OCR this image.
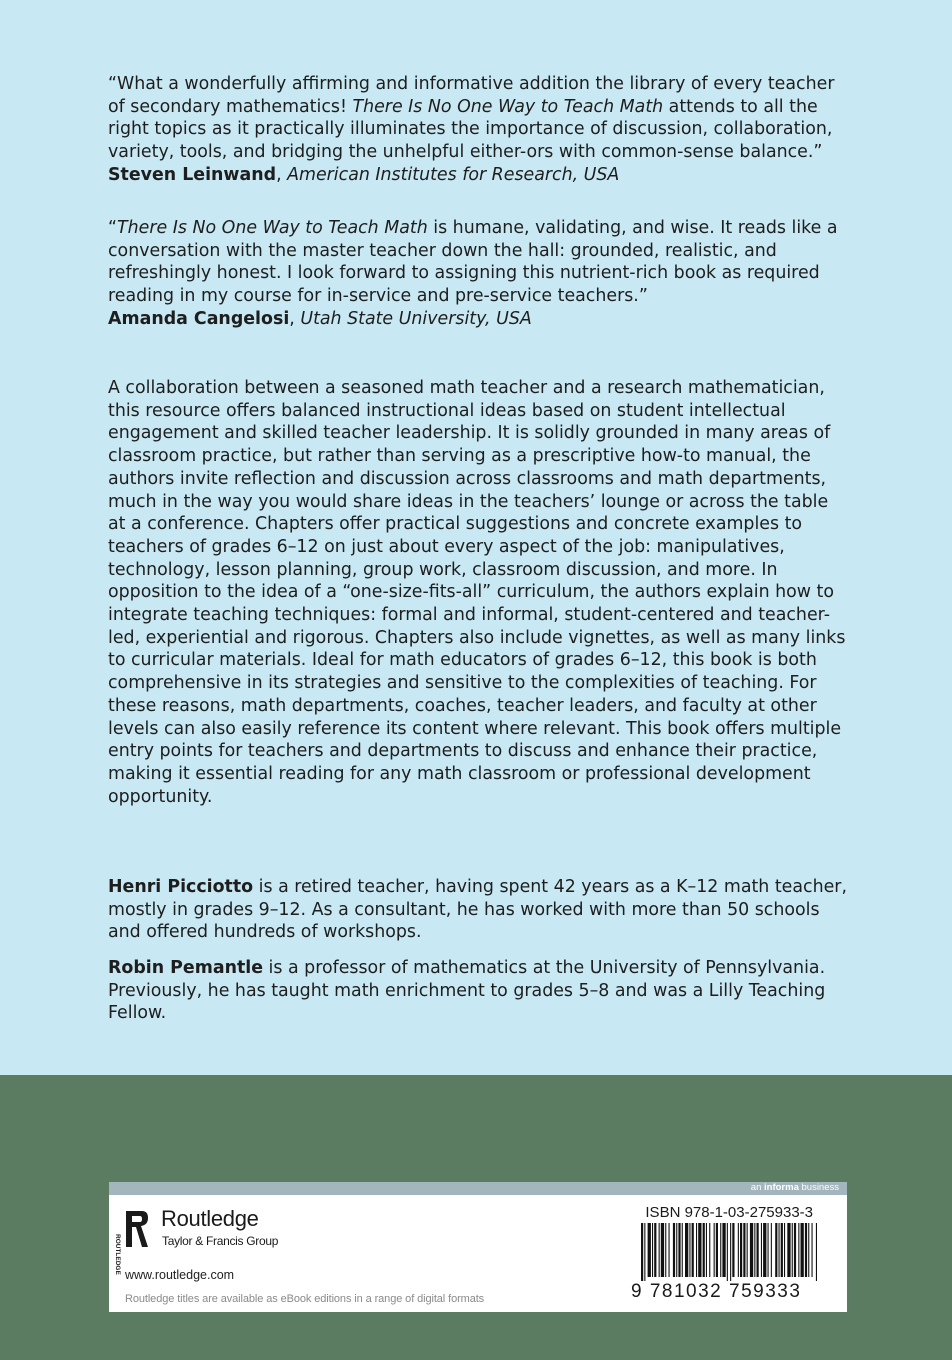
“What a wonderfully affirming and informative addition the library of every teacher of secondary mathematics! There Is No One Way to Teach Math attends to all the right topics as it practically illuminates the importance of discussion, collaboration, variety, tools, and bridging the unhelpful either-ors with common-sense balance.”

Steven Leinwand, American Institutes for Research, USA

“There Is No One Way to Teach Math is humane, validating, and wise. It reads like a conversation with the master teacher down the hall: grounded, realistic, and refreshingly honest. I look forward to assigning this nutrient-rich book as required reading in my course for in-service and pre-service teachers.”

Amanda Cangelosi, Utah State University, USA

A collaboration between a seasoned math teacher and a research mathematician, this resource offers balanced instructional ideas based on student intellectual engagement and skilled teacher leadership. It is solidly grounded in many areas of classroom practice, but rather than serving as a prescriptive how-to manual, the authors invite reflection and discussion across classrooms and math departments, much in the way you would share ideas in the teachers’ lounge or across the table at a conference. Chapters offer practical suggestions and concrete examples to teachers of grades 6–12 on just about every aspect of the job: manipulatives, technology, lesson planning, group work, classroom discussion, and more. In opposition to the idea of a “one-size-fits-all” curriculum, the authors explain how to integrate teaching techniques: formal and informal, student-centered and teacher-led, experiential and rigorous. Chapters also include vignettes, as well as many links to curricular materials. Ideal for math educators of grades 6–12, this book is both comprehensive in its strategies and sensitive to the complexities of teaching. For these reasons, math departments, coaches, teacher leaders, and faculty at other levels can also easily reference its content where relevant. This book offers multiple entry points for teachers and departments to discuss and enhance their practice, making it essential reading for any math classroom or professional development opportunity.

Henri Picciotto is a retired teacher, having spent 42 years as a K–12 math teacher, mostly in grades 9–12. As a consultant, he has worked with more than 50 schools and offered hundreds of workshops.

Robin Pemantle is a professor of mathematics at the University of Pennsylvania. Previously, he has taught math enrichment to grades 5–8 and was a Lilly Teaching Fellow.

an informa business
ROUTLEDGE
Routledge
Taylor & Francis Group
www.routledge.com
Routledge titles are available as eBook editions in a range of digital formats
ISBN 978-1-03-275933-3
9 781032 759333
